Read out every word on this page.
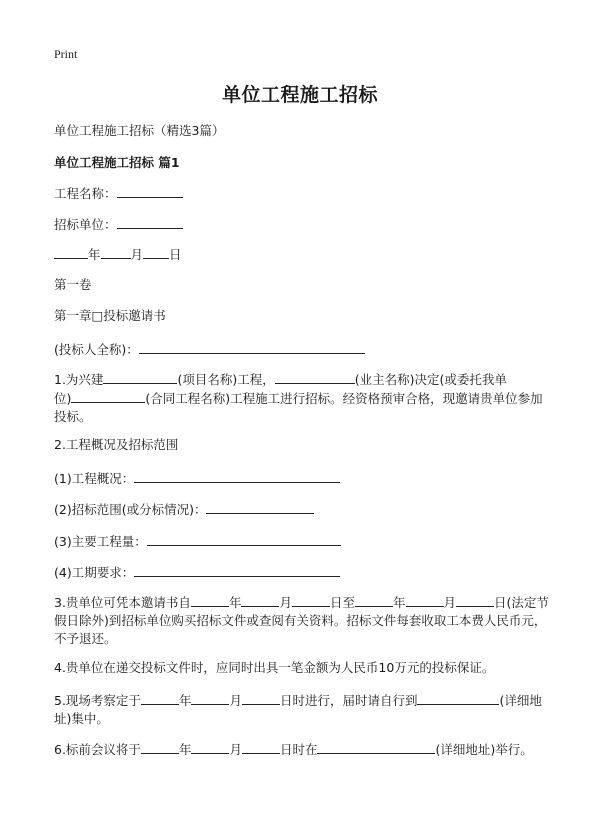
Print
单位工程施工招标
单位工程施工招标（精选3篇）
单位工程施工招标 篇1
工程名称：
招标单位：
年 月 日
第一卷
第一章□投标邀请书
(投标人全称)：
1.为兴建	(项目名称)工程，	(业主名称)决定(或委托我单
位)	(合同工程名称)工程施工进行招标。经资格预审合格，现邀请贵单位参加投标。
2.工程概况及招标范围
(1)工程概况：
(2)招标范围(或分标情况)：
(3)主要工程量：
(4)工期要求：
3.贵单位可凭本邀请书自	年	月	日至	年	月	日(法定节假日除外)到招标单位购买招标文件或查阅有关资料。招标文件每套收取工本费人民币元，不予退还。
4.贵单位在递交投标文件时，应同时出具一笔金额为人民币10万元的投标保证。
5.现场考察定于	年	月	日时进行，届时请自行到	(详细地址)集中。
6.标前会议将于	年	月	日时在	(详细地址)举行。
